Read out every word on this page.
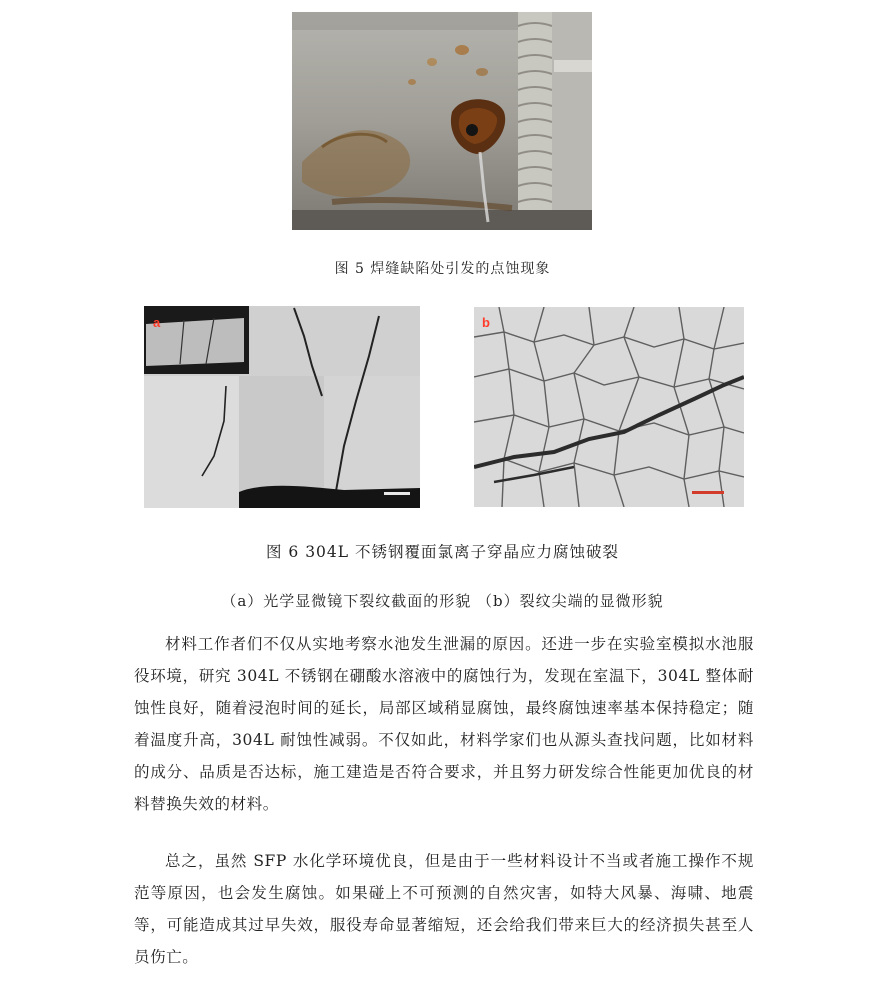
图 5 焊缝缺陷处引发的点蚀现象
a	b
图 6 304L 不锈钢覆面氯离子穿晶应力腐蚀破裂
（a）光学显微镜下裂纹截面的形貌 （b）裂纹尖端的显微形貌

材料工作者们不仅从实地考察水池发生泄漏的原因。还进一步在实验室模拟水池服役环境，研究 304L 不锈钢在硼酸水溶液中的腐蚀行为，发现在室温下，304L 整体耐蚀性良好，随着浸泡时间的延长，局部区域稍显腐蚀，最终腐蚀速率基本保持稳定；随着温度升高，304L 耐蚀性减弱。不仅如此，材料学家们也从源头查找问题，比如材料的成分、品质是否达标，施工建造是否符合要求，并且努力研发综合性能更加优良的材料替换失效的材料。

总之，虽然 SFP 水化学环境优良，但是由于一些材料设计不当或者施工操作不规范等原因，也会发生腐蚀。如果碰上不可预测的自然灾害，如特大风暴、海啸、地震等，可能造成其过早失效，服役寿命显著缩短，还会给我们带来巨大的经济损失甚至人员伤亡。
